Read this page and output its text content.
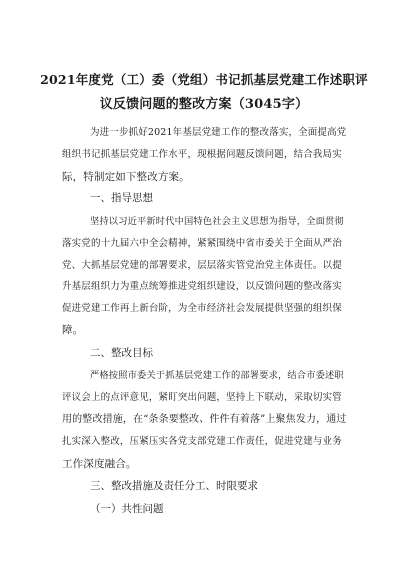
2021年度党（工）委（党组）书记抓基层党建工作述职评
议反馈问题的整改方案（3045字）
为进一步抓好2021年基层党建工作的整改落实，全面提高党
组织书记抓基层党建工作水平，现根据问题反馈问题，结合我局实
际，特制定如下整改方案。
一、指导思想
坚持以习近平新时代中国特色社会主义思想为指导，全面贯彻
落实党的十九届六中全会精神，紧紧围绕中省市委关于全面从严治
党、大抓基层党建的部署要求，层层落实管党治党主体责任。以提
升基层组织力为重点统筹推进党组织建设，以反馈问题的整改落实
促进党建工作再上新台阶，为全市经济社会发展提供坚强的组织保
障。
二、整改目标
严格按照市委关于抓基层党建工作的部署要求，结合市委述职
评议会上的点评意见，紧盯突出问题，坚持上下联动，采取切实管
用的整改措施，在“条条要整改、件件有着落”上聚焦发力，通过
扎实深入整改，压紧压实各党支部党建工作责任，促进党建与业务
工作深度融合。
三、整改措施及责任分工、时限要求
（一）共性问题
